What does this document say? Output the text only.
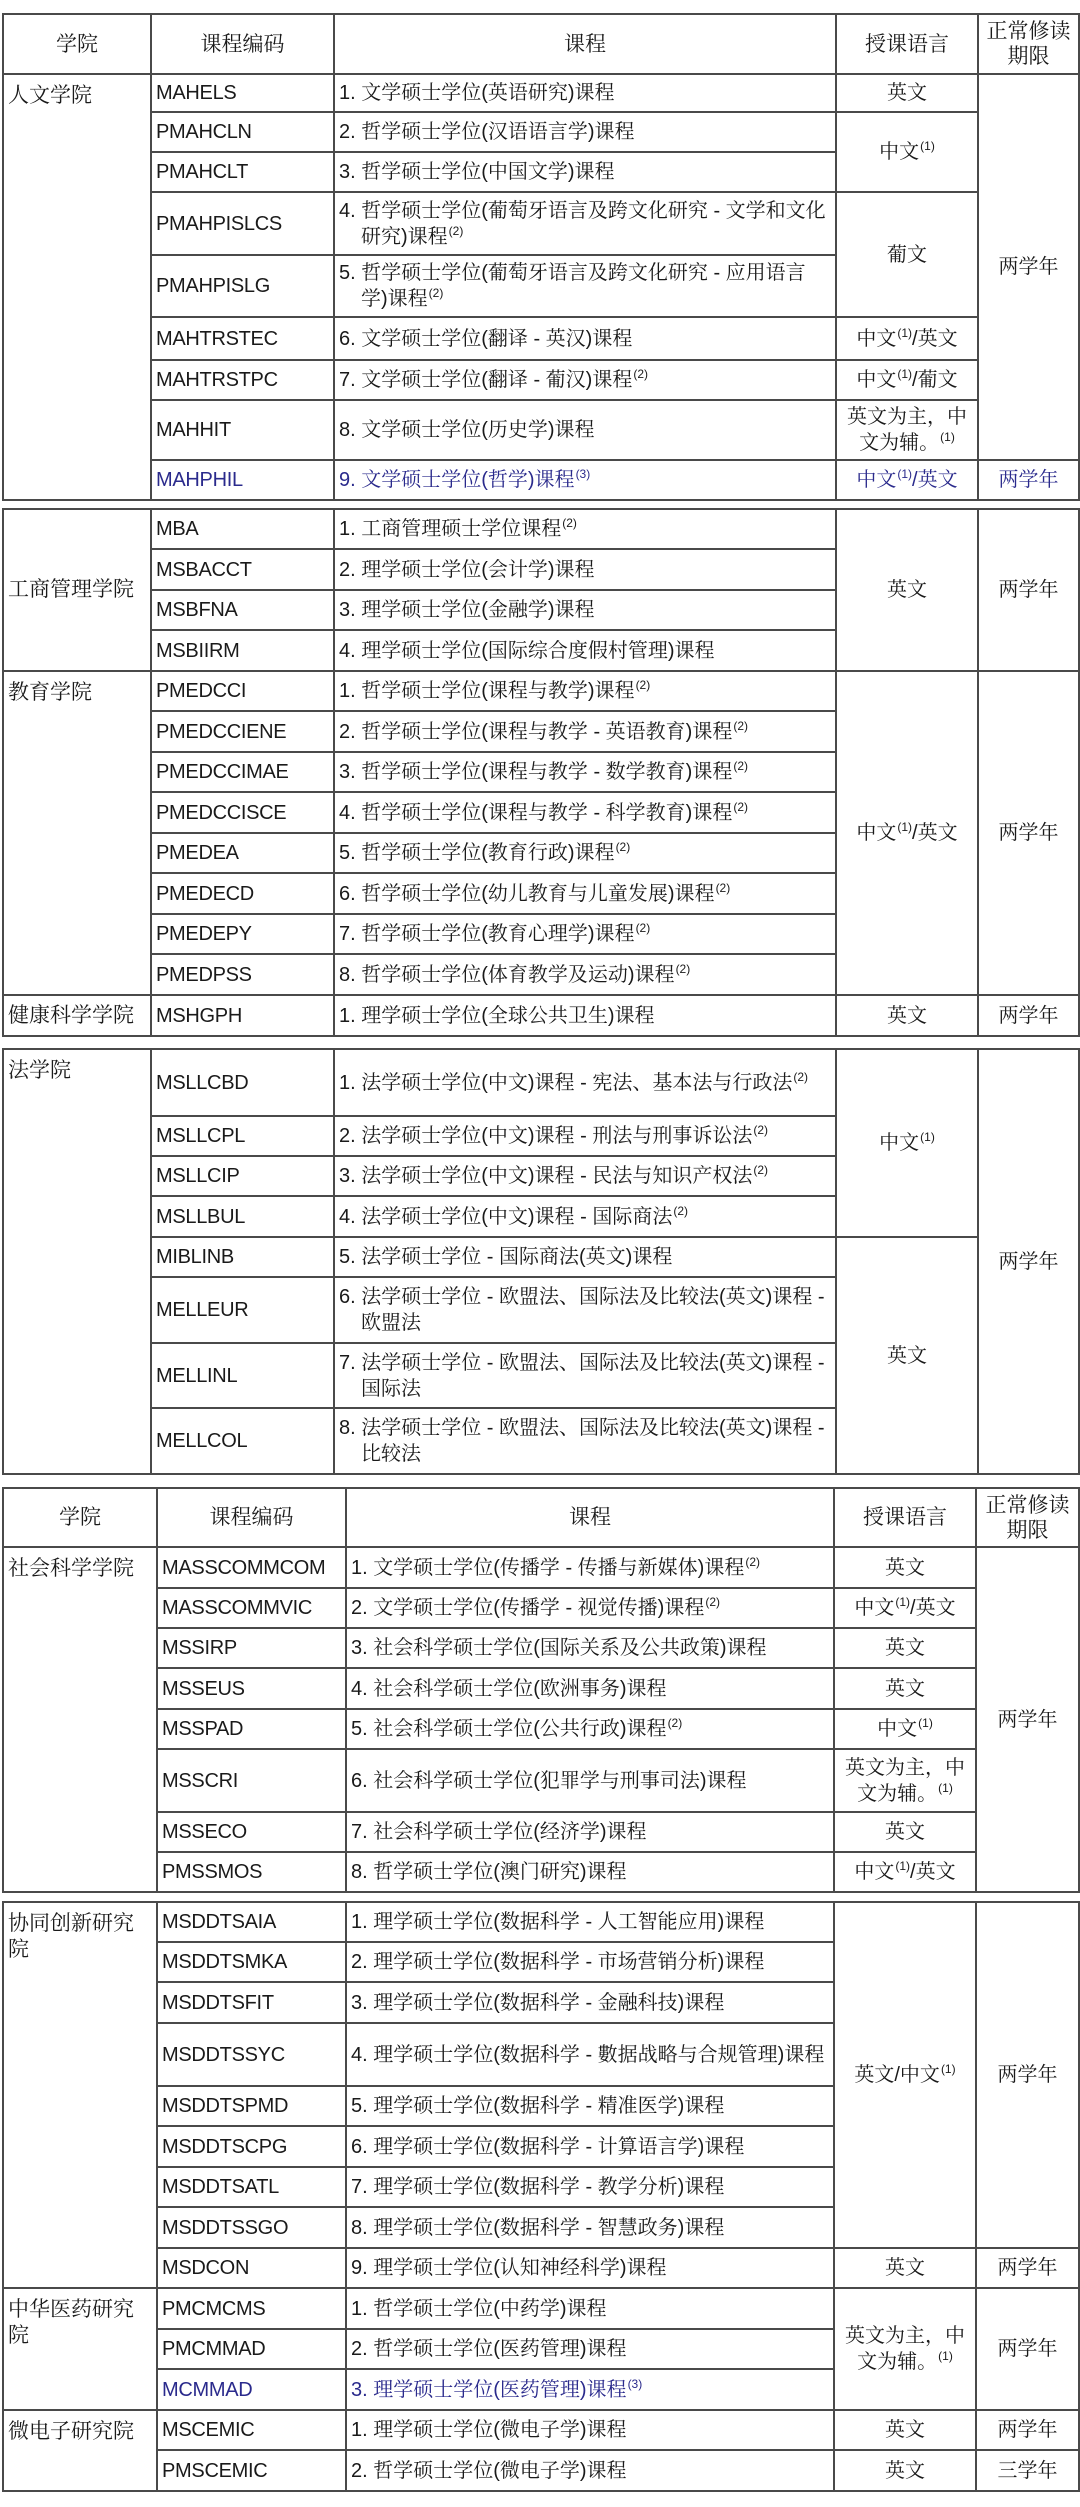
学院	课程编码	课程	授课语言	正常修读期限
人文学院	MAHELS	1. 文学硕士学位(英语研究)课程	英文	两学年
	PMAHCLN	2. 哲学硕士学位(汉语语言学)课程	中文$^{(1)}$
	PMAHCLT	3. 哲学硕士学位(中国文学)课程		

	PMAHPISLCS	4. 哲学硕士学位(葡萄牙语言及跨文化研究 - 文学和文化研究)课程$^{(2)}$	葡文	
	PMAHPISLG	5. 哲学硕士学位(葡萄牙语言及跨文化研究 - 应用语言学)课程$^{(2)}$

	MAHTRSTEC	6. 文学硕士学位(翻译 - 英汉)课程	中文$^{(1)}$/英文	
	MAHTRSTPC	7. 文学硕士学位(翻译 - 葡汉)课程$^{(2)}$	中文$^{(1)}$/葡文	
	MAHHIT	8. 文学硕士学位(历史学)课程	英文为主，中文为辅。$^{(1)}$
	MAHPHIL	9. 文学硕士学位(哲学)课程$^{(3)}$	中文$^{(1)}$/英文	两学年
工商管理学院	MBA	1. 工商管理硕士学位课程$^{(2)}$	英文	两学年
	MSBACCT	2. 理学硕士学位(会计学)课程		

	MSBFNA	3. 理学硕士学位(金融学)课程		

	MSBIIRM	4. 理学硕士学位(国际综合度假村管理)课程		

教育学院	PMEDCCI	1. 哲学硕士学位(课程与教学)课程$^{(2)}$	中文$^{(1)}$/英文	两学年
	PMEDCCIENE	2. 哲学硕士学位(课程与教学 - 英语教育)课程$^{(2)}$

	PMEDCCIMAE	3. 哲学硕士学位(课程与教学 - 数学教育)课程$^{(2)}$

	PMEDCCISCE	4. 哲学硕士学位(课程与教学 - 科学教育)课程$^{(2)}$

	PMEDEA	5. 哲学硕士学位(教育行政)课程$^{(2)}$

	PMEDECD	6. 哲学硕士学位(幼儿教育与儿童发展)课程$^{(2)}$

	PMEDEPY	7. 哲学硕士学位(教育心理学)课程$^{(2)}$

	PMEDPSS	8. 哲学硕士学位(体育教学及运动)课程$^{(2)}$

健康科学学院	MSHGPH	1. 理学硕士学位(全球公共卫生)课程	英文	两学年
法学院	MSLLCBD	1. 法学硕士学位(中文)课程 - 宪法、基本法与行政法$^{(2)}$	中文$^{(1)}$	两学年
	MSLLCPL	2. 法学硕士学位(中文)课程 - 刑法与刑事诉讼法$^{(2)}$

	MSLLCIP	3. 法学硕士学位(中文)课程 - 民法与知识产权法$^{(2)}$

	MSLLBUL	4. 法学硕士学位(中文)课程 - 国际商法$^{(2)}$

	MIBLINB	5. 法学硕士学位 - 国际商法(英文)课程	英文	
	MELLEUR	6. 法学硕士学位 - 欧盟法、国际法及比较法(英文)课程 - 欧盟法		

	MELLINL	7. 法学硕士学位 - 欧盟法、国际法及比较法(英文)课程 - 国际法		

	MELLCOL	8. 法学硕士学位 - 欧盟法、国际法及比较法(英文)课程 - 比较法		
学院	课程编码	课程	授课语言	正常修读期限
社会科学学院	MASSCOMMCOM	1. 文学硕士学位(传播学 - 传播与新媒体)课程$^{(2)}$	英文	两学年
	MASSCOMMVIC	2. 文学硕士学位(传播学 - 视觉传播)课程$^{(2)}$	中文$^{(1)}$/英文	
	MSSIRP	3. 社会科学硕士学位(国际关系及公共政策)课程	英文	
	MSSEUS	4. 社会科学硕士学位(欧洲事务)课程	英文	
	MSSPAD	5. 社会科学硕士学位(公共行政)课程$^{(2)}$	中文$^{(1)}$
	MSSCRI	6. 社会科学硕士学位(犯罪学与刑事司法)课程	英文为主，中文为辅。$^{(1)}$
	MSSECO	7. 社会科学硕士学位(经济学)课程	英文	
	PMSSMOS	8. 哲学硕士学位(澳门研究)课程	中文$^{(1)}$/英文	
协同创新研究院	MSDDTSAIA	1. 理学硕士学位(数据科学 - 人工智能应用)课程	英文/中文$^{(1)}$	两学年
	MSDDTSMKA	2. 理学硕士学位(数据科学 - 市场营销分析)课程		

	MSDDTSFIT	3. 理学硕士学位(数据科学 - 金融科技)课程		

	MSDDTSSYC	4. 理学硕士学位(数据科学 - 數据战略与合规管理)课程		

	MSDDTSPMD	5. 理学硕士学位(数据科学 - 精准医学)课程		

	MSDDTSCPG	6. 理学硕士学位(数据科学 - 计算语言学)课程		

	MSDDTSATL	7. 理学硕士学位(数据科学 - 教学分析)课程		

	MSDDTSSGO	8. 理学硕士学位(数据科学 - 智慧政务)课程		

	MSDCON	9. 理学硕士学位(认知神经科学)课程	英文	两学年
中华医药研究院	PMCMCMS	1. 哲学硕士学位(中药学)课程	英文为主，中文为辅。$^{(1)}$	两学年
	PMCMMAD	2. 哲学硕士学位(医药管理)课程		

	MCMMAD	3. 理学硕士学位(医药管理)课程$^{(3)}$

微电子研究院	MSCEMIC	1. 理学硕士学位(微电子学)课程	英文	两学年
	PMSCEMIC	2. 哲学硕士学位(微电子学)课程	英文	三学年
